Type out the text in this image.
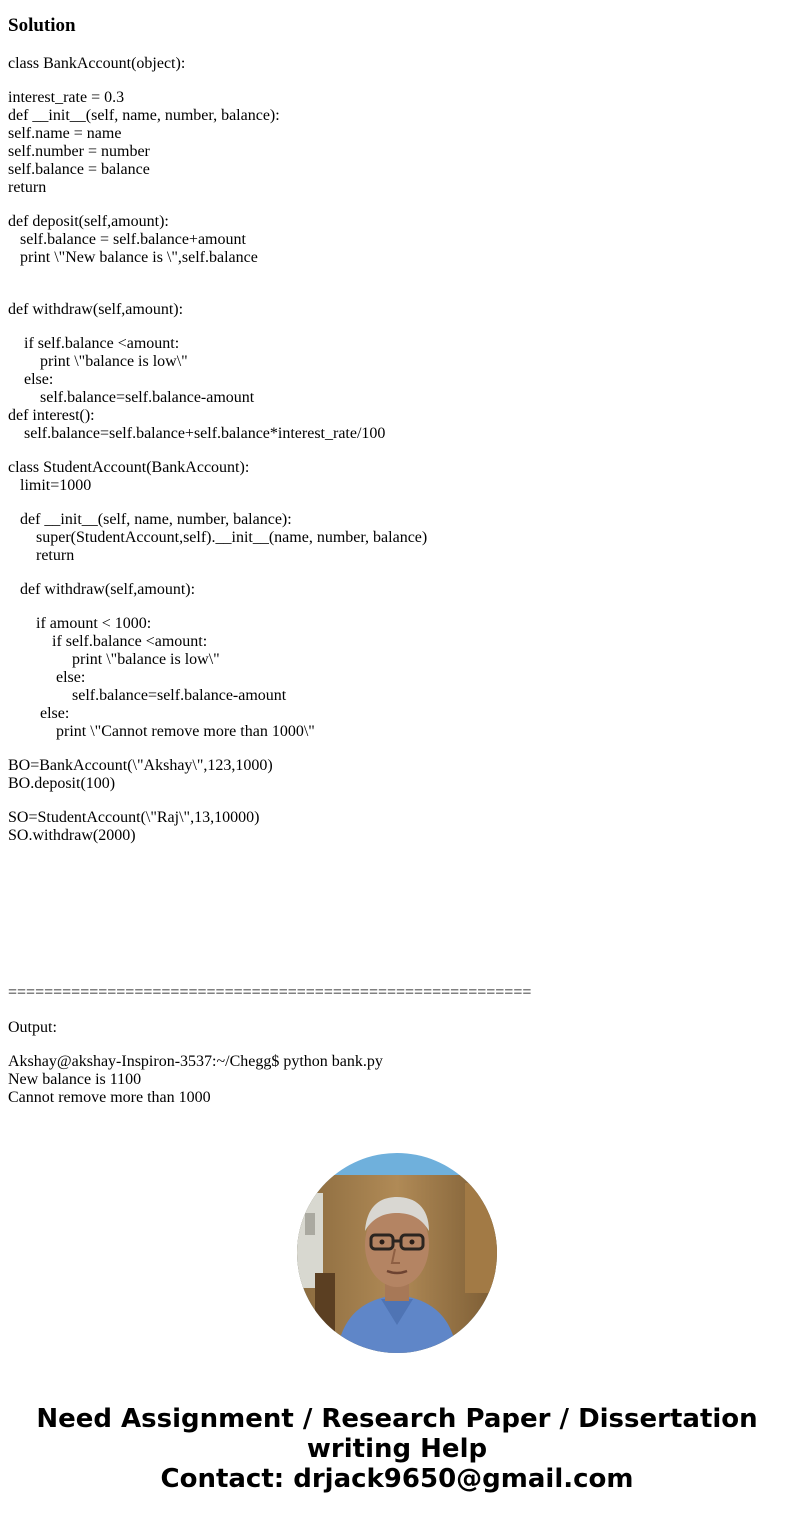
Solution
class BankAccount(object):
interest_rate = 0.3
def __init__(self, name, number, balance):
self.name = name
self.number = number
self.balance = balance
return
def deposit(self,amount):
self.balance = self.balance+amount
print \"New balance is \",self.balance
def withdraw(self,amount):
if self.balance <amount:
print \"balance is low\"
else:
self.balance=self.balance-amount
def interest():
self.balance=self.balance+self.balance*interest_rate/100
class StudentAccount(BankAccount):
limit=1000
def __init__(self, name, number, balance):
super(StudentAccount,self).__init__(name, number, balance)
return
def withdraw(self,amount):
if amount < 1000:
if self.balance <amount:
print \"balance is low\"
else:
self.balance=self.balance-amount
else:
print \"Cannot remove more than 1000\"
BO=BankAccount(\"Akshay\",123,1000)
BO.deposit(100)
SO=StudentAccount(\"Raj\",13,10000)
SO.withdraw(2000)
==========================================================
Output:
Akshay@akshay-Inspiron-3537:~/Chegg$ python bank.py
New balance is 1100
Cannot remove more than 1000
Need Assignment / Research Paper / Dissertation
writing Help
Contact: drjack9650@gmail.com
